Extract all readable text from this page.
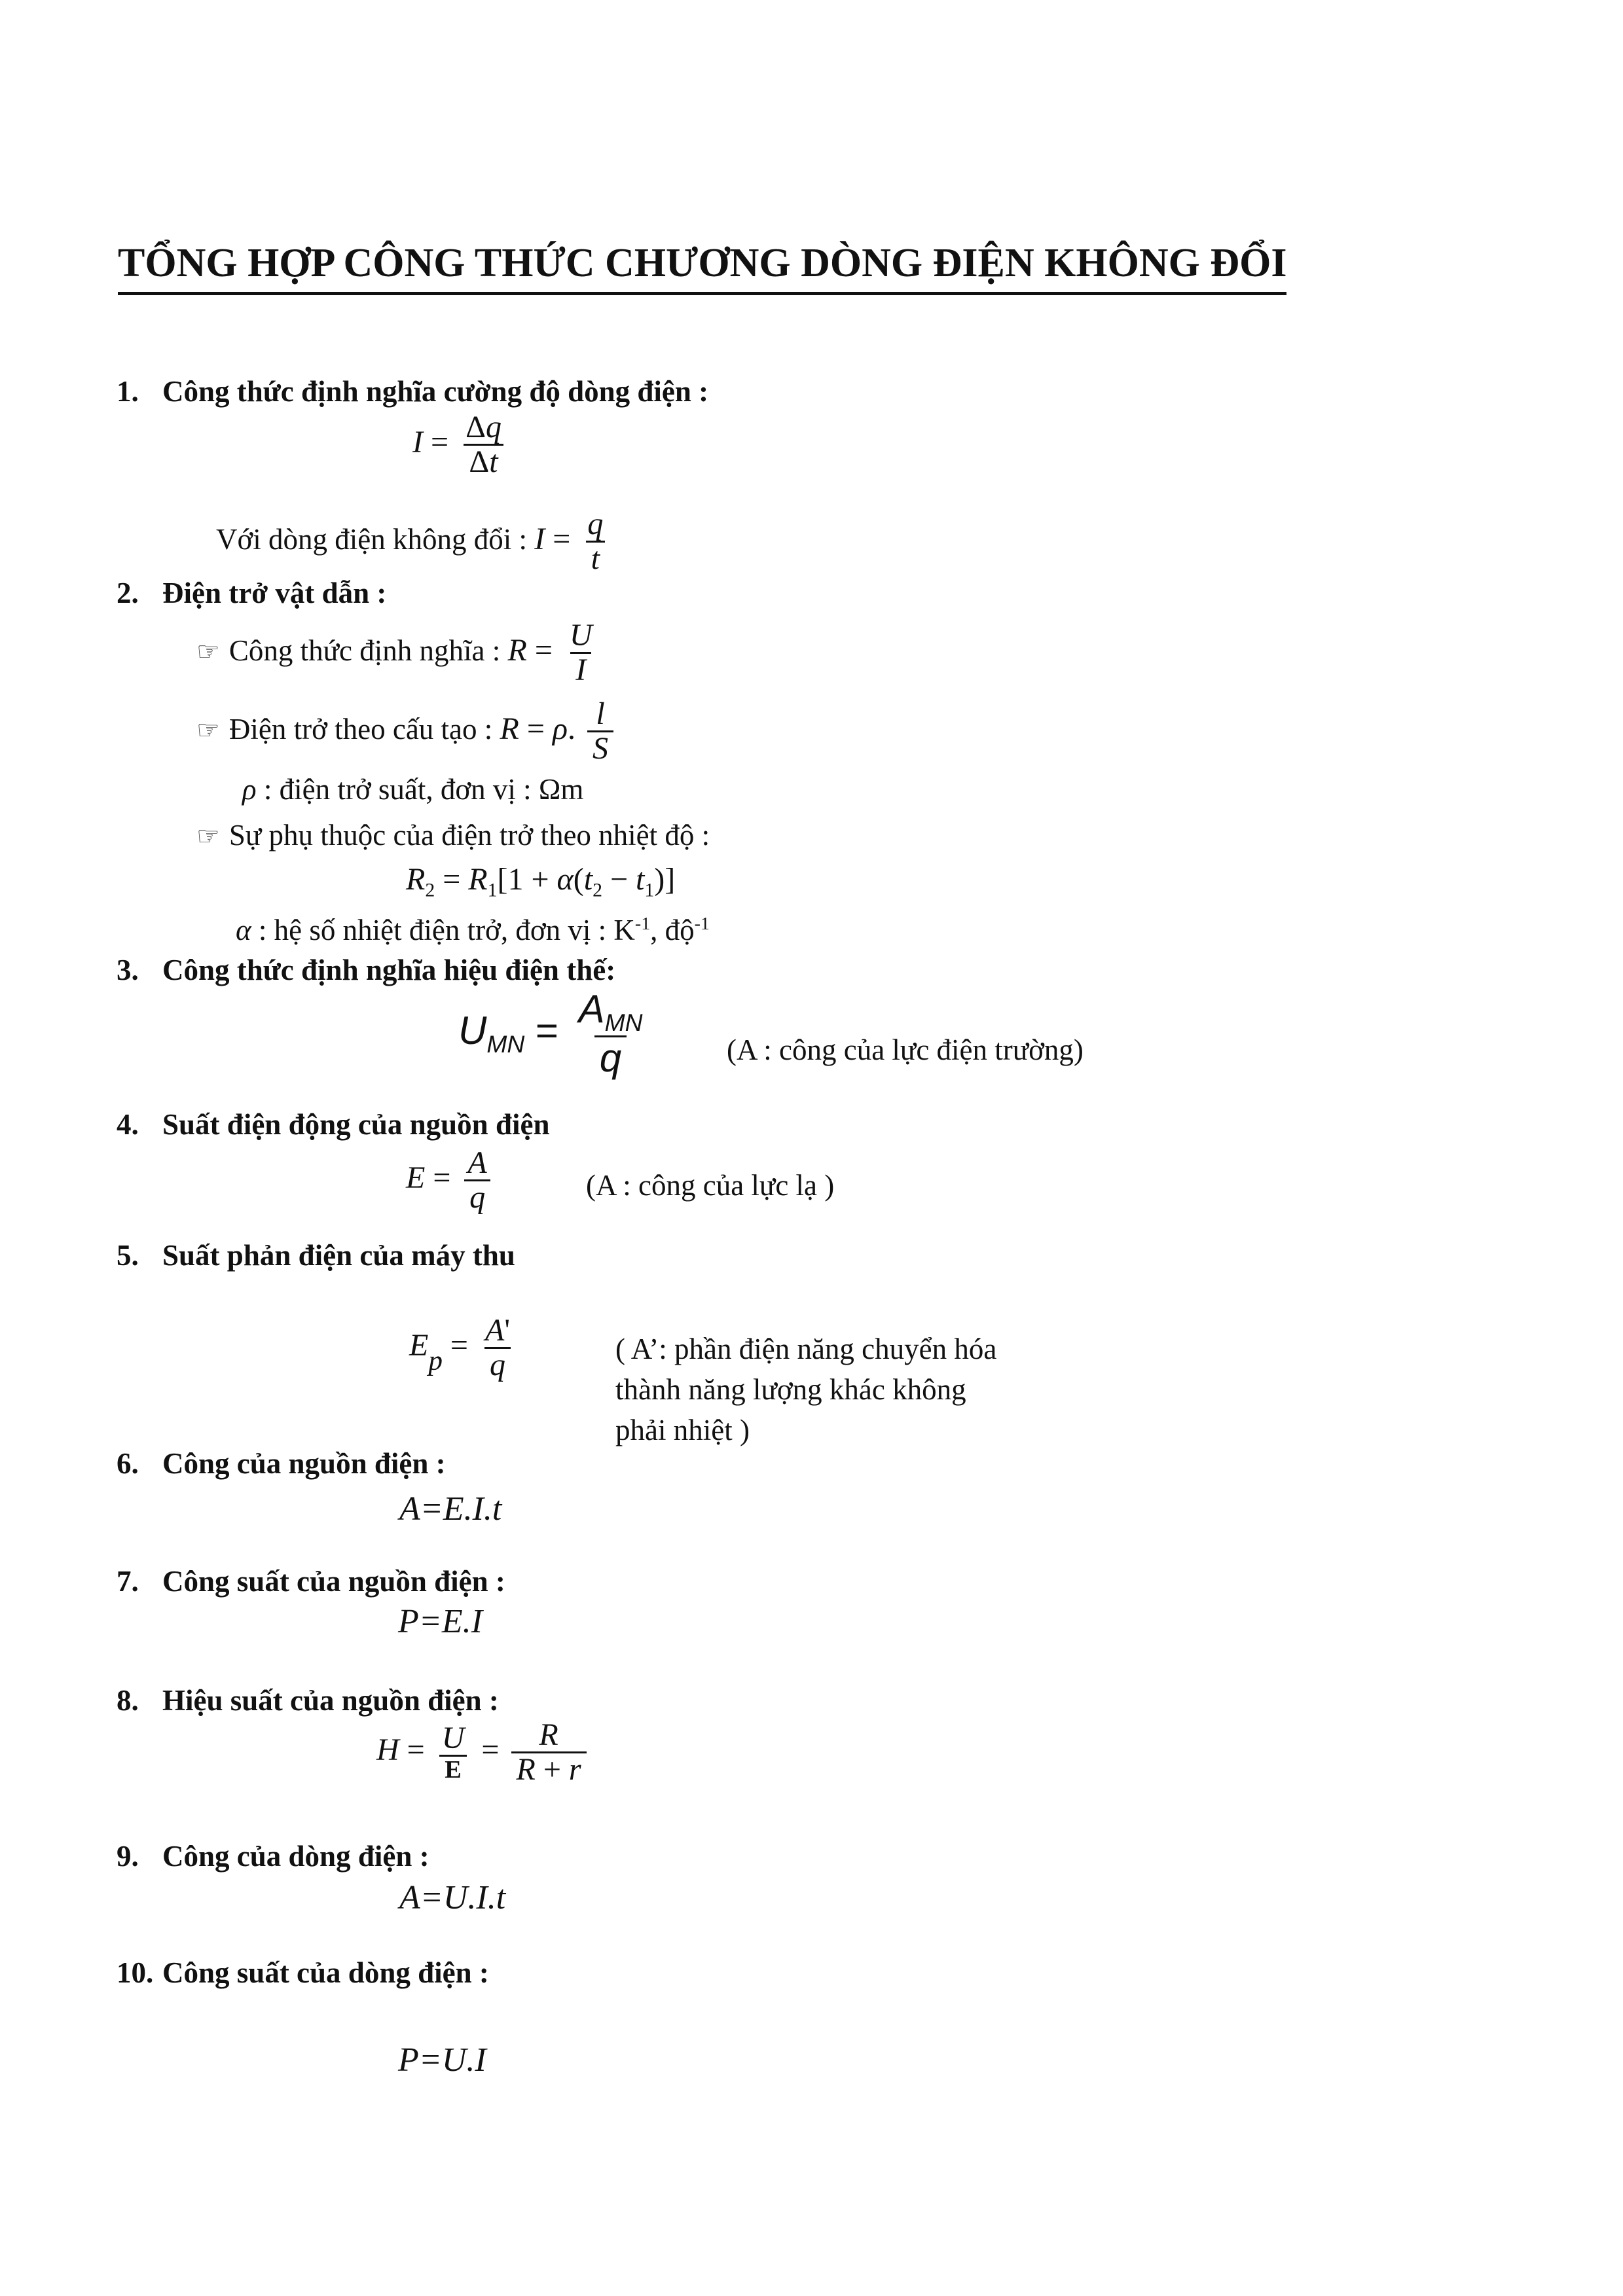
TỔNG HỢP CÔNG THỨC CHƯƠNG DÒNG ĐIỆN KHÔNG ĐỔI
1. Công thức định nghĩa cường độ dòng điện :
$I = \frac{\Delta q}{\Delta t}$
Với dòng điện không đổi : $I = \frac{q}{t}$
2. Điện trở vật dẫn :
☞ Công thức định nghĩa : $R = \frac{U}{I}$
☞ Điện trở theo cấu tạo : R = ρ. $\frac{l}{S}$
ρ : điện trở suất, đơn vị : Ωm
☞ Sự phụ thuộc của điện trở theo nhiệt độ :
$R_2 = R_1[1 + \alpha(t_2 - t_1)]$
α : hệ số nhiệt điện trở, đơn vị : $K^{-1}$, độ$^{-1}$
3. Công thức định nghĩa hiệu điện thế:
$U_{MN} = \frac{A_{MN}}{q}$	(A : công của lực điện trường)
4. Suất điện động của nguồn điện
$E = \frac{A}{q}$	(A : công của lực lạ )
5. Suất phản điện của máy thu
$E_p = \frac{A'}{q}$	( A’: phần điện năng chuyển hóa
thành năng lượng khác không
phải nhiệt )
6. Công của nguồn điện :
A=E.I.t
7. Công suất của nguồn điện :
P=E.I
8. Hiệu suất của nguồn điện :
$H = \frac{U}{E} = \frac{R}{R + r}$
9. Công của dòng điện :
A=U.I.t
10. Công suất của dòng điện :
P=U.I
